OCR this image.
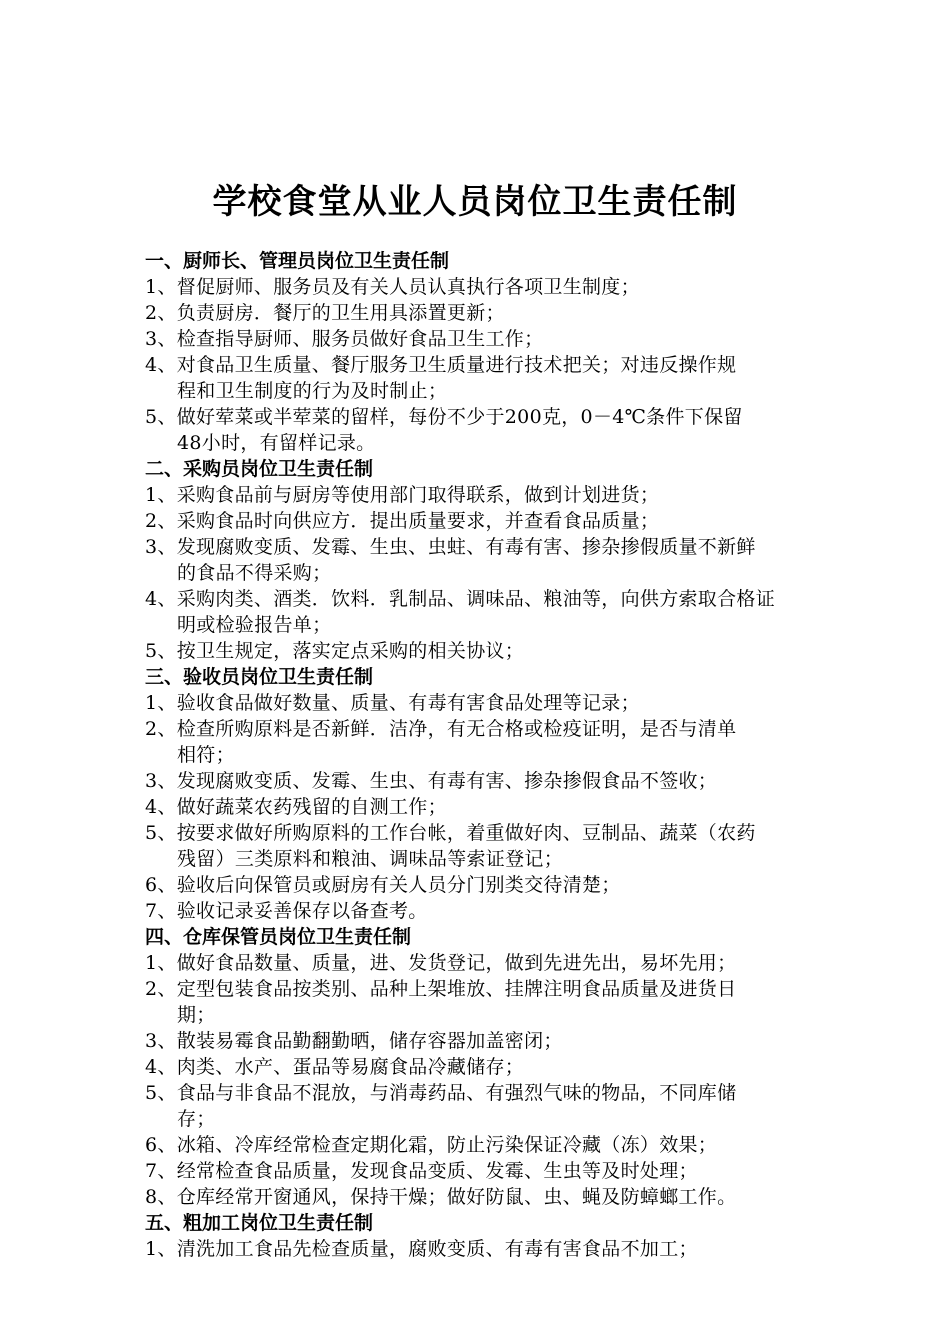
学校食堂从业人员岗位卫生责任制

一、厨师长、管理员岗位卫生责任制

1、督促厨师、服务员及有关人员认真执行各项卫生制度；

2、负责厨房．餐厅的卫生用具添置更新；

3、检查指导厨师、服务员做好食品卫生工作；

4、对食品卫生质量、餐厅服务卫生质量进行技术把关；对违反操作规
程和卫生制度的行为及时制止；

5、做好荤菜或半荤菜的留样，每份不少于200克，0－4℃条件下保留
48小时，有留样记录。

二、采购员岗位卫生责任制

1、采购食品前与厨房等使用部门取得联系，做到计划进货；

2、采购食品时向供应方．提出质量要求，并查看食品质量；

3、发现腐败变质、发霉、生虫、虫蛀、有毒有害、掺杂掺假质量不新鲜
的食品不得采购；

4、采购肉类、酒类．饮料．乳制品、调味品、粮油等，向供方索取合格证
明或检验报告单；

5、按卫生规定，落实定点采购的相关协议；

三、验收员岗位卫生责任制

1、验收食品做好数量、质量、有毒有害食品处理等记录；

2、检查所购原料是否新鲜．洁净，有无合格或检疫证明，是否与清单
相符；

3、发现腐败变质、发霉、生虫、有毒有害、掺杂掺假食品不签收；

4、做好蔬菜农药残留的自测工作；

5、按要求做好所购原料的工作台帐，着重做好肉、豆制品、蔬菜（农药
残留）三类原料和粮油、调味品等索证登记；

6、验收后向保管员或厨房有关人员分门别类交待清楚；

7、验收记录妥善保存以备查考。

四、仓库保管员岗位卫生责任制

1、做好食品数量、质量，进、发货登记，做到先进先出，易坏先用；

2、定型包装食品按类别、品种上架堆放、挂牌注明食品质量及进货日
期；

3、散装易霉食品勤翻勤晒，储存容器加盖密闭；

4、肉类、水产、蛋品等易腐食品冷藏储存；

5、食品与非食品不混放，与消毒药品、有强烈气味的物品，不同库储
存；

6、冰箱、冷库经常检查定期化霜，防止污染保证冷藏（冻）效果；

7、经常检查食品质量，发现食品变质、发霉、生虫等及时处理；

8、仓库经常开窗通风，保持干燥；做好防鼠、虫、蝇及防蟑螂工作。

五、粗加工岗位卫生责任制

1、清洗加工食品先检查质量，腐败变质、有毒有害食品不加工；
